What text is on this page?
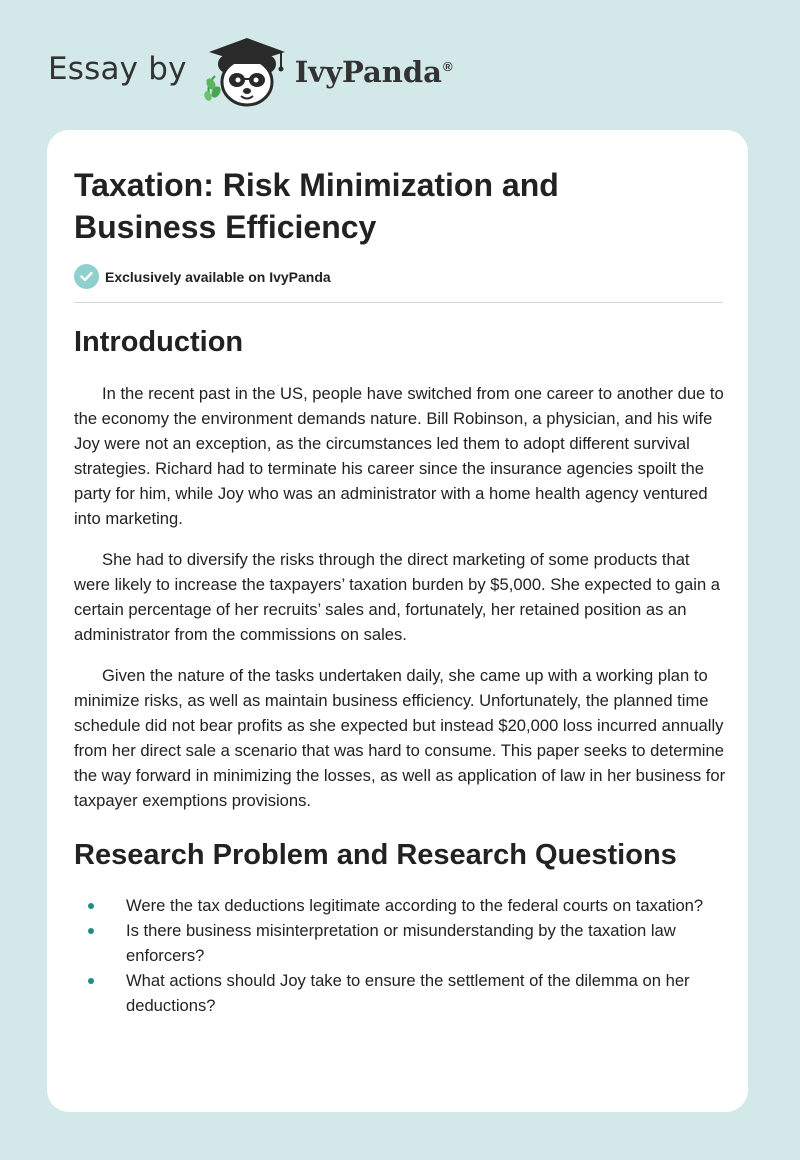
Essay by	IvyPanda®
Taxation: Risk Minimization and Business Efficiency
Exclusively available on IvyPanda
Introduction

In the recent past in the US, people have switched from one career to another due to the economy the environment demands nature. Bill Robinson, a physician, and his wife Joy were not an exception, as the circumstances led them to adopt different survival strategies. Richard had to terminate his career since the insurance agencies spoilt the party for him, while Joy who was an administrator with a home health agency ventured into marketing.

She had to diversify the risks through the direct marketing of some products that were likely to increase the taxpayers’ taxation burden by $5,000. She expected to gain a certain percentage of her recruits’ sales and, fortunately, her retained position as an administrator from the commissions on sales.

Given the nature of the tasks undertaken daily, she came up with a working plan to minimize risks, as well as maintain business efficiency. Unfortunately, the planned time schedule did not bear profits as she expected but instead $20,000 loss incurred annually from her direct sale a scenario that was hard to consume. This paper seeks to determine the way forward in minimizing the losses, as well as application of law in her business for taxpayer exemptions provisions.

Research Problem and Research Questions
Were the tax deductions legitimate according to the federal courts on taxation?
Is there business misinterpretation or misunderstanding by the taxation law enforcers?
What actions should Joy take to ensure the settlement of the dilemma on her deductions?
